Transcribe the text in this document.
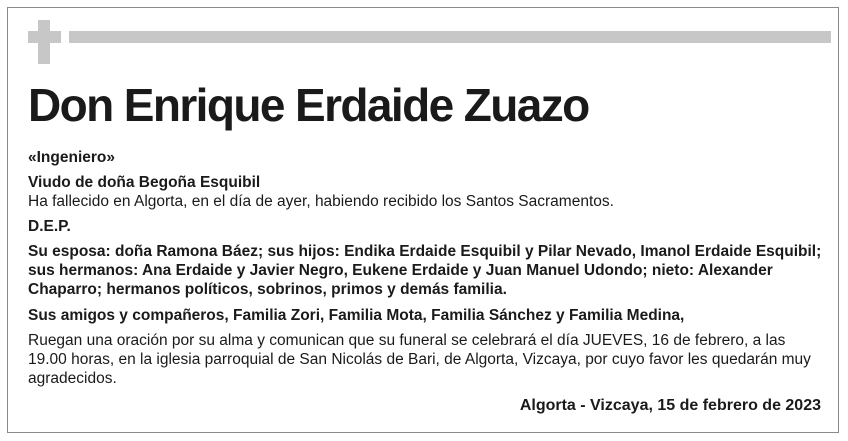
Don Enrique Erdaide Zuazo

«Ingeniero»

Viudo de doña Begoña Esquibil

Ha fallecido en Algorta, en el día de ayer, habiendo recibido los Santos Sacramentos.

D.E.P.

Su esposa: doña Ramona Báez; sus hijos: Endika Erdaide Esquibil y Pilar Nevado, Imanol Erdaide Esquibil; sus hermanos: Ana Erdaide y Javier Negro, Eukene Erdaide y Juan Manuel Udondo; nieto: Alexander Chaparro; hermanos políticos, sobrinos, primos y demás familia.

Sus amigos y compañeros, Familia Zori, Familia Mota, Familia Sánchez y Familia Medina,

Ruegan una oración por su alma y comunican que su funeral se celebrará el día JUEVES, 16 de febrero, a las 19.00 horas, en la iglesia parroquial de San Nicolás de Bari, de Algorta, Vizcaya, por cuyo favor les quedarán muy agradecidos.

Algorta - Vizcaya, 15 de febrero de 2023
